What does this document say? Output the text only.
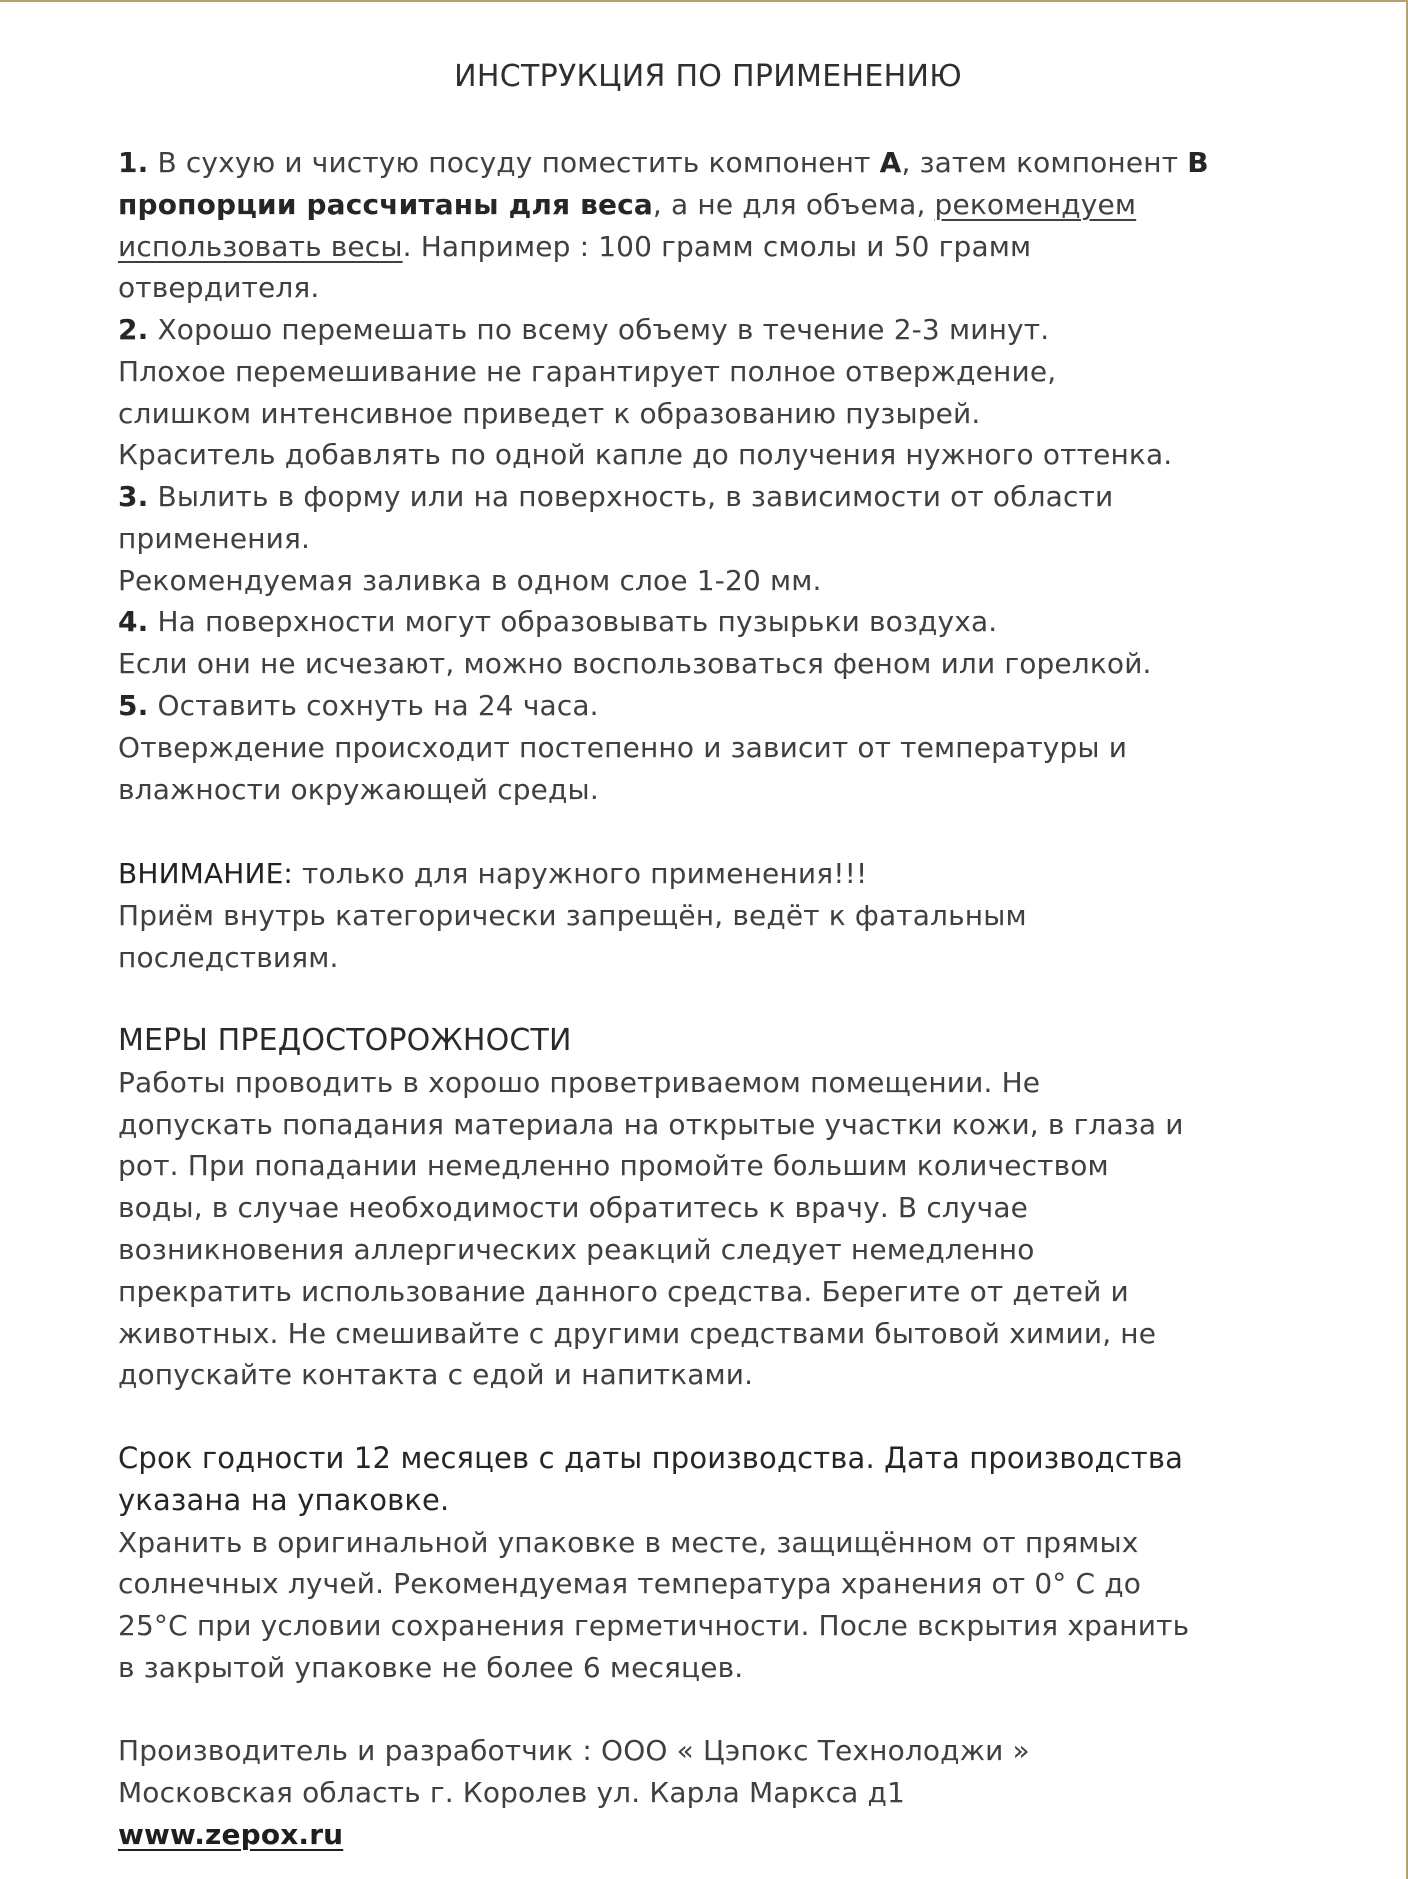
ИНСТРУКЦИЯ ПО ПРИМЕНЕНИЮ
1. В сухую и чистую посуду поместить компонент А, затем компонент В
пропорции рассчитаны для веса, а не для объема, рекомендуем
использовать весы. Например : 100 грамм смолы и 50 грамм
отвердителя.
2. Хорошо перемешать по всему объему в течение 2-3 минут.
Плохое перемешивание не гарантирует полное отверждение,
слишком интенсивное приведет к образованию пузырей.
Краситель добавлять по одной капле до получения нужного оттенка.
3. Вылить в форму или на поверхность, в зависимости от области
применения.
Рекомендуемая заливка в одном слое 1-20 мм.
4. На поверхности могут образовывать пузырьки воздуха.
Если они не исчезают, можно воспользоваться феном или горелкой.
5. Оставить сохнуть на 24 часа.
Отверждение происходит постепенно и зависит от температуры и
влажности окружающей среды.
ВНИМАНИЕ: только для наружного применения!!!
Приём внутрь категорически запрещён, ведёт к фатальным
последствиям.
МЕРЫ ПРЕДОСТОРОЖНОСТИ
Работы проводить в хорошо проветриваемом помещении. Не
допускать попадания материала на открытые участки кожи, в глаза и
рот. При попадании немедленно промойте большим количеством
воды, в случае необходимости обратитесь к врачу. В случае
возникновения аллергических реакций следует немедленно
прекратить использование данного средства. Берегите от детей и
животных. Не смешивайте с другими средствами бытовой химии, не
допускайте контакта с едой и напитками.
Срок годности 12 месяцев с даты производства. Дата производства
указана на упаковке.
Хранить в оригинальной упаковке в месте, защищённом от прямых
солнечных лучей. Рекомендуемая температура хранения от 0° С до
25°С при условии сохранения герметичности. После вскрытия хранить
в закрытой упаковке не более 6 месяцев.
Производитель и разработчик : ООО « Цэпокс Технолоджи »
Московская область г. Королев ул. Карла Маркса д1
www.zepox.ru
